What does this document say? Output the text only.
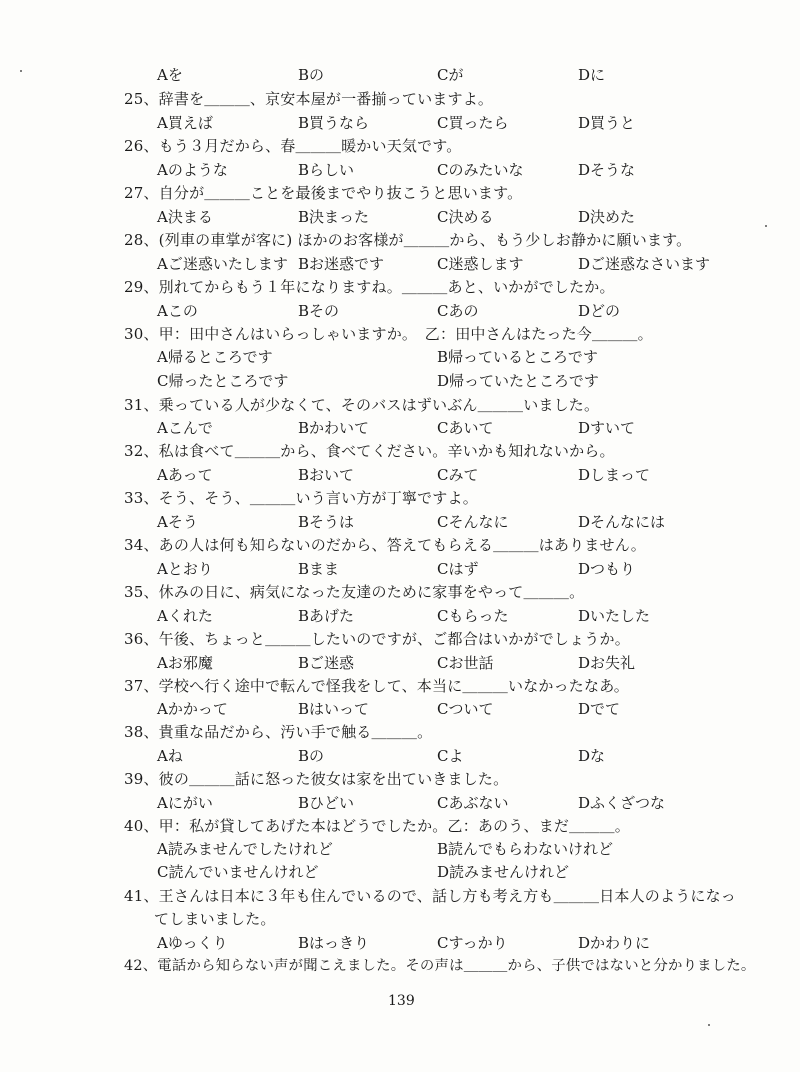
Aを	Bの	Cが	Dに
25、辞書を＿＿＿、京安本屋が一番揃っていますよ。
A買えば	B買うなら	C買ったら	D買うと
26、もう３月だから、春＿＿＿暖かい天気です。
Aのような	Bらしい	Cのみたいな	Dそうな
27、自分が＿＿＿ことを最後までやり抜こうと思います。
A決まる	B決まった	C決める	D決めた
28、(列車の車掌が客に) ほかのお客様が＿＿＿から、もう少しお静かに願います。
Aご迷惑いたします Bお迷惑です	C迷惑します	Dご迷惑なさいます
29、別れてからもう１年になりますね。＿＿＿あと、いかがでしたか。
Aこの	Bその	Cあの	Dどの
30、甲：田中さんはいらっしゃいますか。　乙：田中さんはたった今＿＿＿。
A帰るところです	B帰っているところです
C帰ったところです	D帰っていたところです
31、乗っている人が少なくて、そのバスはずいぶん＿＿＿いました。
Aこんで	Bかわいて	Cあいて	Dすいて
32、私は食べて＿＿＿から、食べてください。辛いかも知れないから。
Aあって	Bおいて	Cみて	Dしまって
33、そう、そう、＿＿＿いう言い方が丁寧ですよ。
Aそう	Bそうは	Cそんなに	Dそんなには
34、あの人は何も知らないのだから、答えてもらえる＿＿＿はありません。
Aとおり	Bまま	Cはず	Dつもり
35、休みの日に、病気になった友達のために家事をやって＿＿＿。
Aくれた	Bあげた	Cもらった	Dいたした
36、午後、ちょっと＿＿＿したいのですが、ご都合はいかがでしょうか。
Aお邪魔	Bご迷惑	Cお世話	Dお失礼
37、学校へ行く途中で転んで怪我をして、本当に＿＿＿いなかったなあ。
Aかかって	Bはいって	Cついて	Dでて
38、貴重な品だから、汚い手で触る＿＿＿。
Aね	Bの	Cよ	Dな
39、彼の＿＿＿話に怒った彼女は家を出ていきました。
Aにがい	Bひどい	Cあぶない	Dふくざつな
40、甲：私が貸してあげた本はどうでしたか。乙：あのう、まだ＿＿＿。
A読みませんでしたけれど	B読んでもらわないけれど
C読んでいませんけれど	D読みませんけれど
41、王さんは日本に３年も住んでいるので、話し方も考え方も＿＿＿日本人のようになっ
てしまいました。
Aゆっくり	Bはっきり	Cすっかり	Dかわりに
42、電話から知らない声が聞こえました。その声は＿＿＿から、子供ではないと分かりました。
139
